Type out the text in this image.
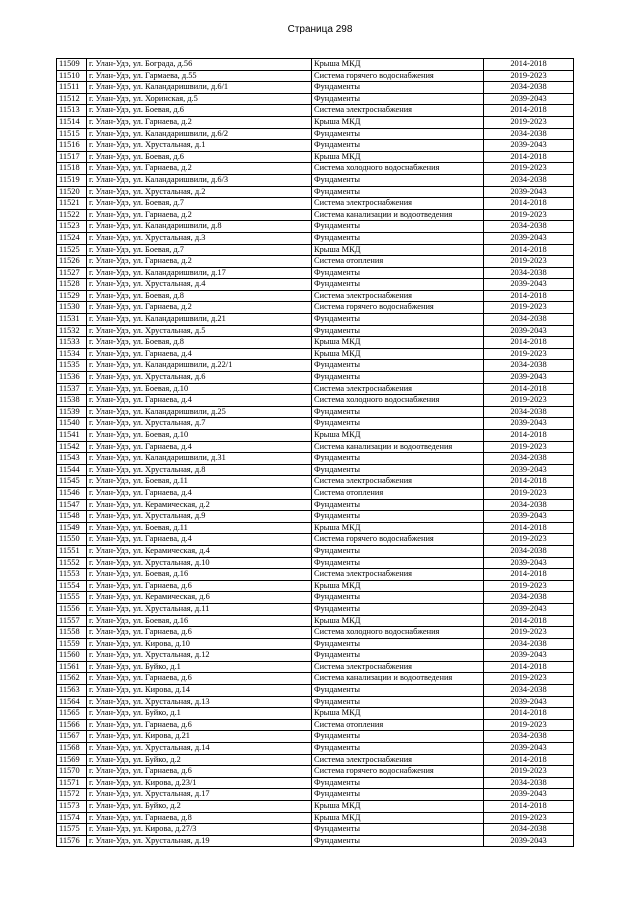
Страница 298
11509	г. Улан-Удэ, ул. Бограда, д.56	Крыша МКД	2014-2018
11510	г. Улан-Удэ, ул. Гармаева, д.55	Система горячего водоснабжения	2019-2023
11511	г. Улан-Удэ, ул. Каландаришвили, д.6/1	Фундаменты	2034-2038
11512	г. Улан-Удэ, ул. Хоринская, д.5	Фундаменты	2039-2043
11513	г. Улан-Удэ, ул. Боевая, д.6	Система электроснабжения	2014-2018
11514	г. Улан-Удэ, ул. Гарнаева, д.2	Крыша МКД	2019-2023
11515	г. Улан-Удэ, ул. Каландаришвили, д.6/2	Фундаменты	2034-2038
11516	г. Улан-Удэ, ул. Хрустальная, д.1	Фундаменты	2039-2043
11517	г. Улан-Удэ, ул. Боевая, д.6	Крыша МКД	2014-2018
11518	г. Улан-Удэ, ул. Гарнаева, д.2	Система холодного водоснабжения	2019-2023
11519	г. Улан-Удэ, ул. Каландаришвили, д.6/3	Фундаменты	2034-2038
11520	г. Улан-Удэ, ул. Хрустальная, д.2	Фундаменты	2039-2043
11521	г. Улан-Удэ, ул. Боевая, д.7	Система электроснабжения	2014-2018
11522	г. Улан-Удэ, ул. Гарнаева, д.2	Система канализации и водоотведения	2019-2023
11523	г. Улан-Удэ, ул. Каландаришвили, д.8	Фундаменты	2034-2038
11524	г. Улан-Удэ, ул. Хрустальная, д.3	Фундаменты	2039-2043
11525	г. Улан-Удэ, ул. Боевая, д.7	Крыша МКД	2014-2018
11526	г. Улан-Удэ, ул. Гарнаева, д.2	Система отопления	2019-2023
11527	г. Улан-Удэ, ул. Каландаришвили, д.17	Фундаменты	2034-2038
11528	г. Улан-Удэ, ул. Хрустальная, д.4	Фундаменты	2039-2043
11529	г. Улан-Удэ, ул. Боевая, д.8	Система электроснабжения	2014-2018
11530	г. Улан-Удэ, ул. Гарнаева, д.2	Система горячего водоснабжения	2019-2023
11531	г. Улан-Удэ, ул. Каландаришвили, д.21	Фундаменты	2034-2038
11532	г. Улан-Удэ, ул. Хрустальная, д.5	Фундаменты	2039-2043
11533	г. Улан-Удэ, ул. Боевая, д.8	Крыша МКД	2014-2018
11534	г. Улан-Удэ, ул. Гарнаева, д.4	Крыша МКД	2019-2023
11535	г. Улан-Удэ, ул. Каландаришвили, д.22/1	Фундаменты	2034-2038
11536	г. Улан-Удэ, ул. Хрустальная, д.6	Фундаменты	2039-2043
11537	г. Улан-Удэ, ул. Боевая, д.10	Система электроснабжения	2014-2018
11538	г. Улан-Удэ, ул. Гарнаева, д.4	Система холодного водоснабжения	2019-2023
11539	г. Улан-Удэ, ул. Каландаришвили, д.25	Фундаменты	2034-2038
11540	г. Улан-Удэ, ул. Хрустальная, д.7	Фундаменты	2039-2043
11541	г. Улан-Удэ, ул. Боевая, д.10	Крыша МКД	2014-2018
11542	г. Улан-Удэ, ул. Гарнаева, д.4	Система канализации и водоотведения	2019-2023
11543	г. Улан-Удэ, ул. Каландаришвили, д.31	Фундаменты	2034-2038
11544	г. Улан-Удэ, ул. Хрустальная, д.8	Фундаменты	2039-2043
11545	г. Улан-Удэ, ул. Боевая, д.11	Система электроснабжения	2014-2018
11546	г. Улан-Удэ, ул. Гарнаева, д.4	Система отопления	2019-2023
11547	г. Улан-Удэ, ул. Керамическая, д.2	Фундаменты	2034-2038
11548	г. Улан-Удэ, ул. Хрустальная, д.9	Фундаменты	2039-2043
11549	г. Улан-Удэ, ул. Боевая, д.11	Крыша МКД	2014-2018
11550	г. Улан-Удэ, ул. Гарнаева, д.4	Система горячего водоснабжения	2019-2023
11551	г. Улан-Удэ, ул. Керамическая, д.4	Фундаменты	2034-2038
11552	г. Улан-Удэ, ул. Хрустальная, д.10	Фундаменты	2039-2043
11553	г. Улан-Удэ, ул. Боевая, д.16	Система электроснабжения	2014-2018
11554	г. Улан-Удэ, ул. Гарнаева, д.6	Крыша МКД	2019-2023
11555	г. Улан-Удэ, ул. Керамическая, д.6	Фундаменты	2034-2038
11556	г. Улан-Удэ, ул. Хрустальная, д.11	Фундаменты	2039-2043
11557	г. Улан-Удэ, ул. Боевая, д.16	Крыша МКД	2014-2018
11558	г. Улан-Удэ, ул. Гарнаева, д.6	Система холодного водоснабжения	2019-2023
11559	г. Улан-Удэ, ул. Кирова, д.10	Фундаменты	2034-2038
11560	г. Улан-Удэ, ул. Хрустальная, д.12	Фундаменты	2039-2043
11561	г. Улан-Удэ, ул. Буйко, д.1	Система электроснабжения	2014-2018
11562	г. Улан-Удэ, ул. Гарнаева, д.6	Система канализации и водоотведения	2019-2023
11563	г. Улан-Удэ, ул. Кирова, д.14	Фундаменты	2034-2038
11564	г. Улан-Удэ, ул. Хрустальная, д.13	Фундаменты	2039-2043
11565	г. Улан-Удэ, ул. Буйко, д.1	Крыша МКД	2014-2018
11566	г. Улан-Удэ, ул. Гарнаева, д.6	Система отопления	2019-2023
11567	г. Улан-Удэ, ул. Кирова, д.21	Фундаменты	2034-2038
11568	г. Улан-Удэ, ул. Хрустальная, д.14	Фундаменты	2039-2043
11569	г. Улан-Удэ, ул. Буйко, д.2	Система электроснабжения	2014-2018
11570	г. Улан-Удэ, ул. Гарнаева, д.6	Система горячего водоснабжения	2019-2023
11571	г. Улан-Удэ, ул. Кирова, д.23/1	Фундаменты	2034-2038
11572	г. Улан-Удэ, ул. Хрустальная, д.17	Фундаменты	2039-2043
11573	г. Улан-Удэ, ул. Буйко, д.2	Крыша МКД	2014-2018
11574	г. Улан-Удэ, ул. Гарнаева, д.8	Крыша МКД	2019-2023
11575	г. Улан-Удэ, ул. Кирова, д.27/3	Фундаменты	2034-2038
11576	г. Улан-Удэ, ул. Хрустальная, д.19	Фундаменты	2039-2043
